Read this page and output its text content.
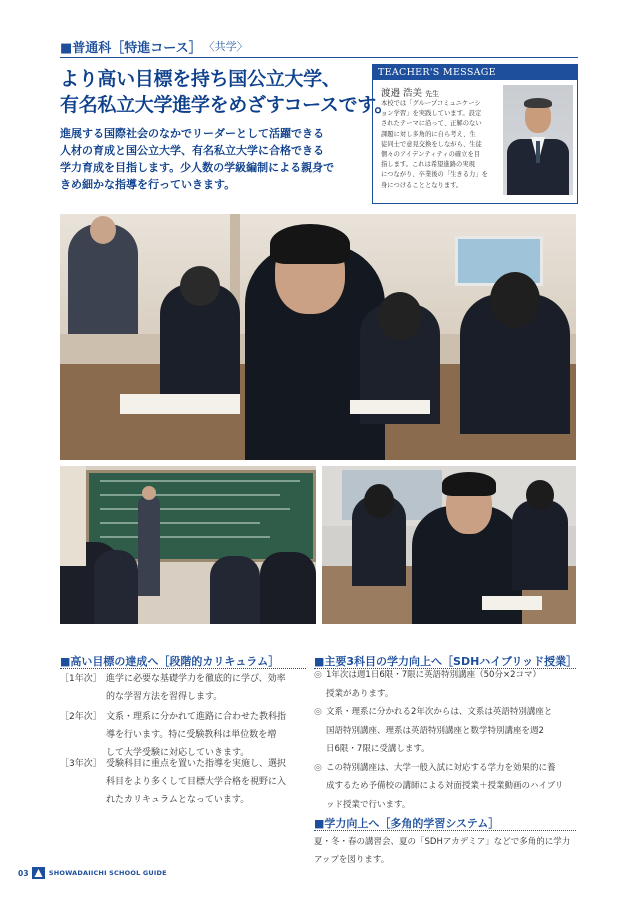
■普通科［特進コース］ 〈共学〉
より高い目標を持ち国公立大学、
有名私立大学進学をめざすコースです。
進展する国際社会のなかでリーダーとして活躍できる
人材の育成と国公立大学、有名私立大学に合格できる
学力育成を目指します。少人数の学級編制による親身で
きめ細かな指導を行っていきます。
TEACHER'S MESSAGE
渡邉 浩美 先生
本校では「グループコミュニケーシ
ョン学習」を実践しています。設定
されたテーマに沿って、正解のない
課題に対し多角的に自ら考え、生
徒同士で意見交換をしながら、生徒
個々のアイデンティティの確立を目
指します。これは希望進路の実現
につながり、卒業後の「生きる力」を
身につけることとなります。
■高い目標の達成へ［段階的カリキュラム］
［1年次］ 進学に必要な基礎学力を徹底的に学び、効率
的な学習方法を習得します。
［2年次］ 文系・理系に分かれて進路に合わせた教科指
導を行います。特に受験教科は単位数を増
して大学受験に対応していきます。
［3年次］ 受験科目に重点を置いた指導を実施し、選択
科目をより多くして目標大学合格を視野に入
れたカリキュラムとなっています。
■主要3科目の学力向上へ［SDHハイブリッド授業］
◎ 1年次は週1日6限・7限に英語特別講座（50分×2コマ）
授業があります。
◎ 文系・理系に分かれる2年次からは、文系は英語特別講座と
国語特別講座、理系は英語特別講座と数学特別講座を週2
日6限・7限に受講します。
◎ この特別講座は、大学一般入試に対応する学力を効果的に養
成するため予備校の講師による対面授業＋授業動画のハイブリ
ッド授業で行います。
■学力向上へ［多角的学習システム］
夏・冬・春の講習会、夏の「SDHアカデミア」などで多角的に学力
アップを図ります。
03	SHOWADAIICHI SCHOOL GUIDE
